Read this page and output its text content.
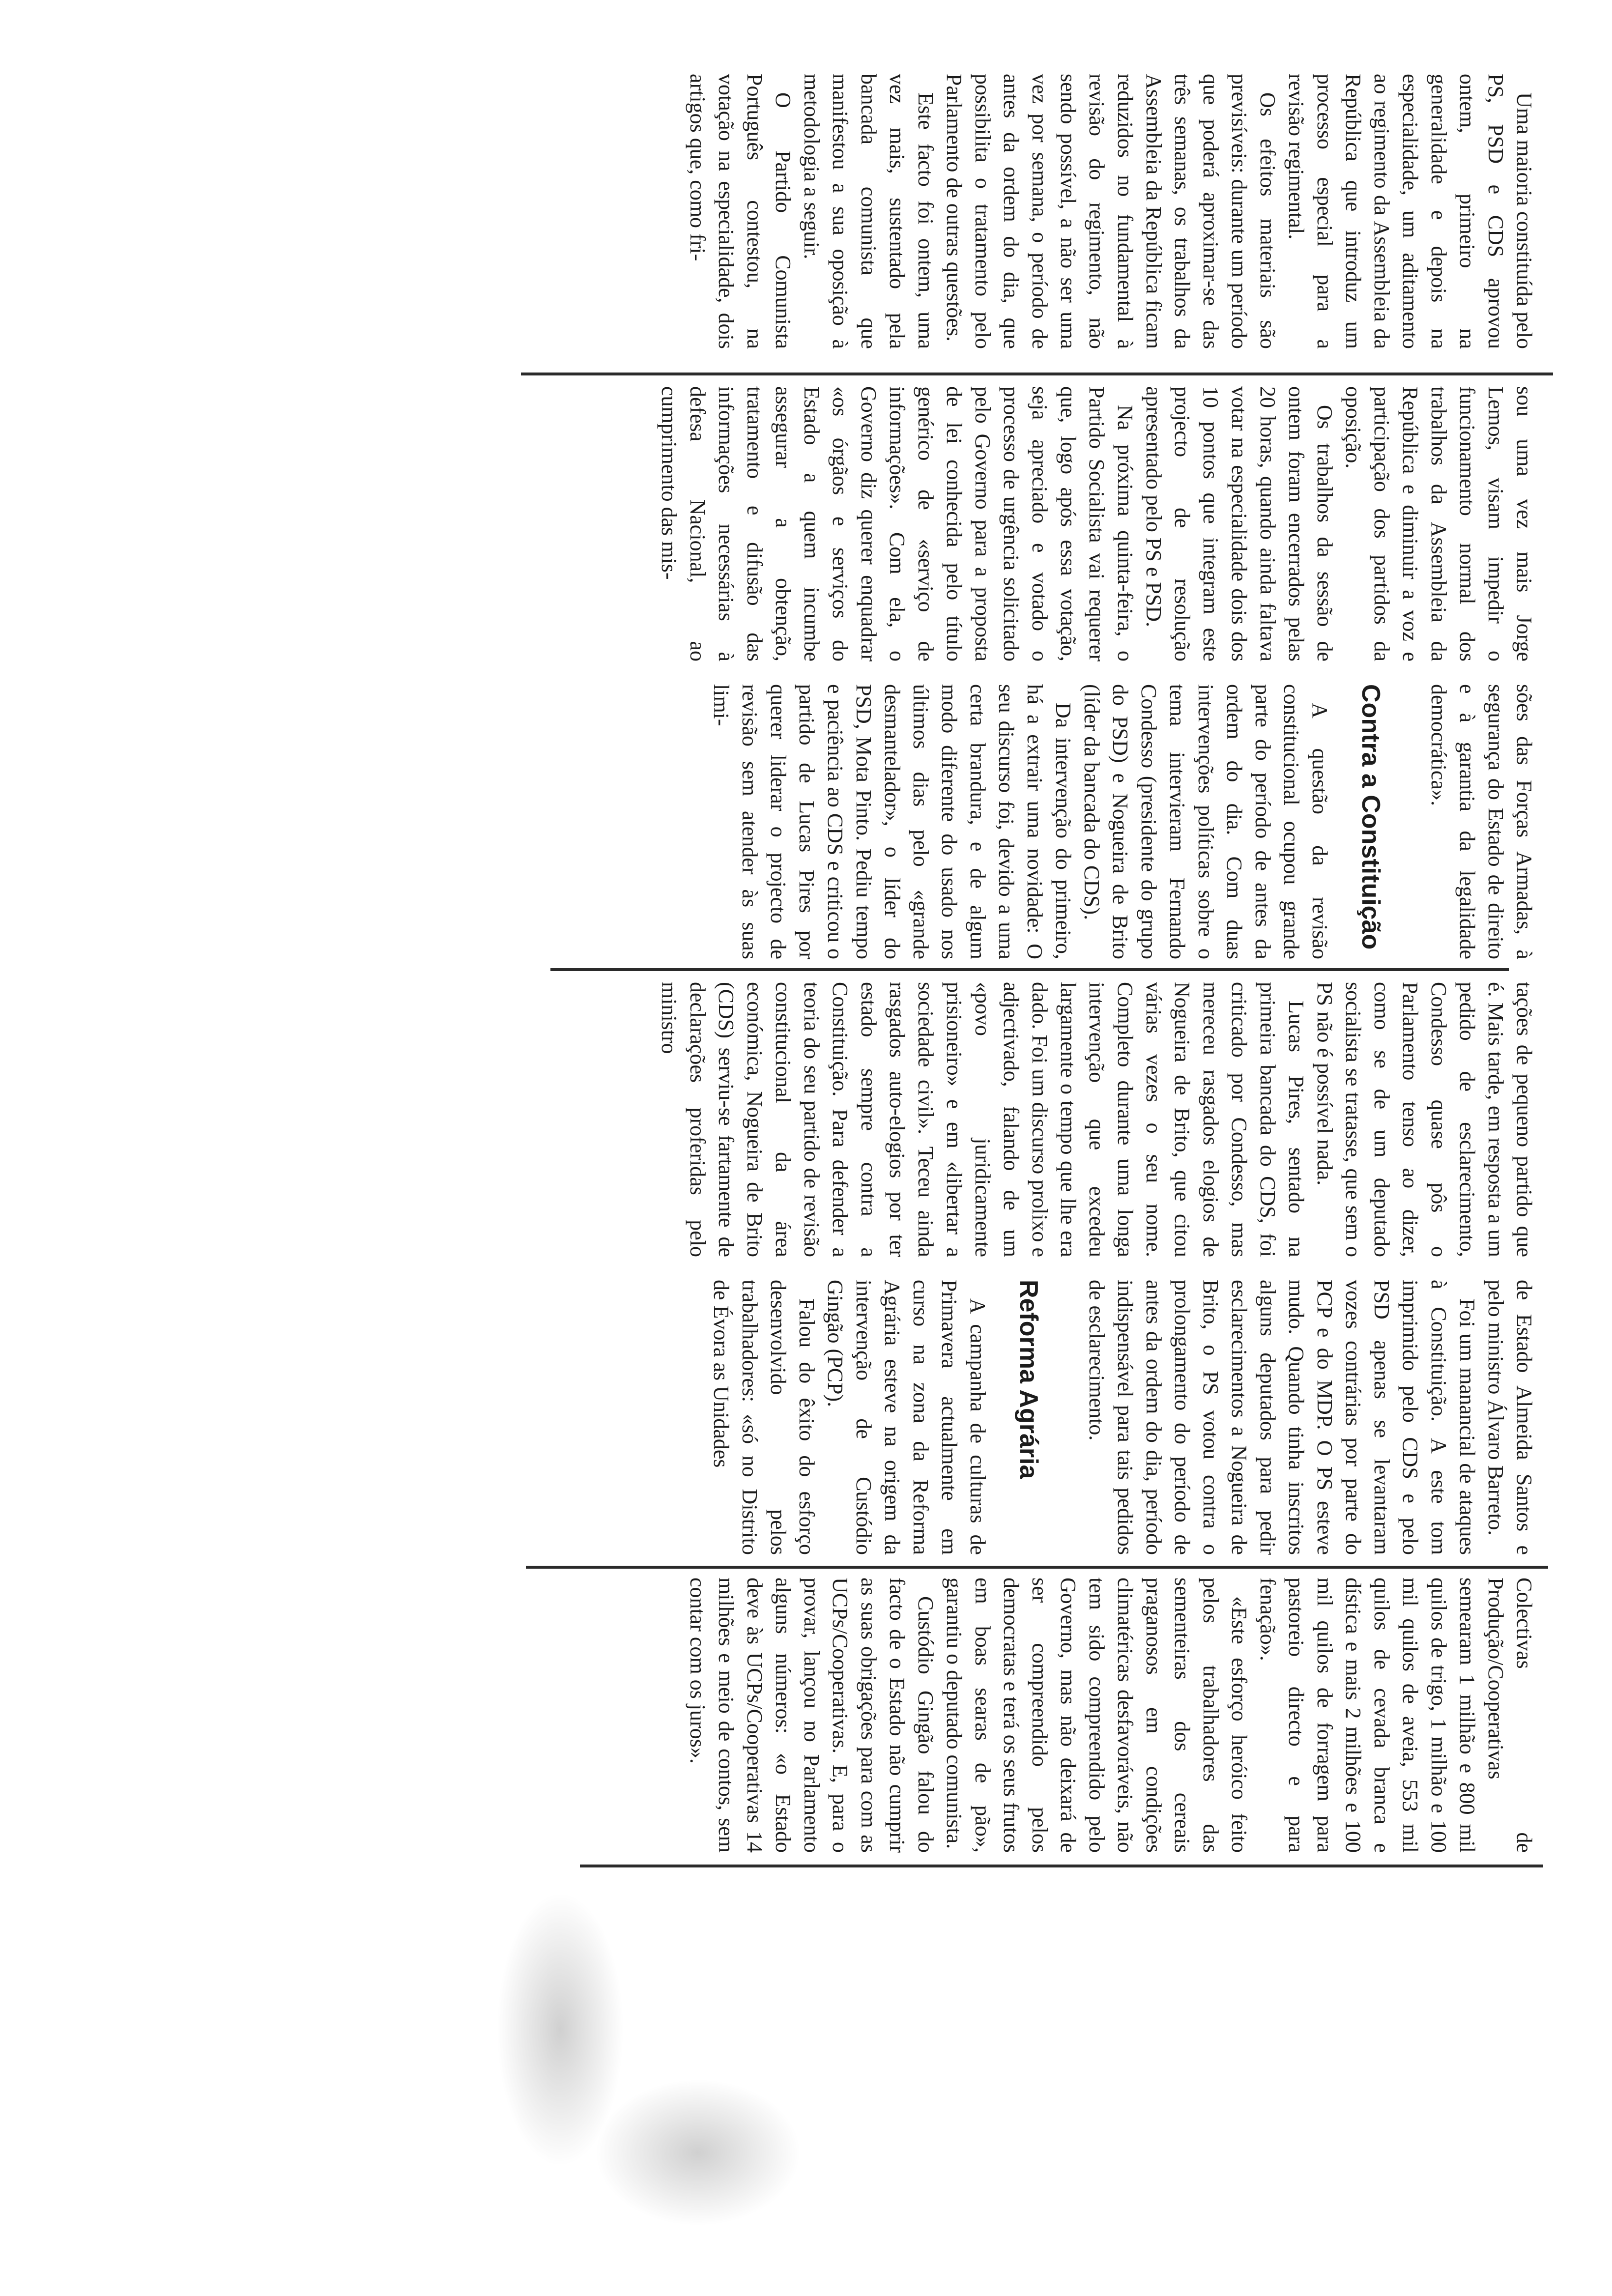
Uma maioria constituída pelo PS, PSD e CDS aprovou ontem, primeiro na generalidade e depois na especialidade, um aditamento ao regimento da Assembleia da República que introduz um processo especial para a revisão regimental.

Os efeitos materiais são previsíveis: durante um período que poderá aproximar-se das três semanas, os trabalhos da Assembleia da República ficam reduzidos no fundamental à revisão do regimento, não sendo possível, a não ser uma vez por semana, o período de antes da ordem do dia, que possibilita o tratamento pelo Parlamento de outras questões.

Este facto foi ontem, uma vez mais, sustentado pela bancada comunista que manifestou a sua oposição à metodologia a seguir.

O Partido Comunista Português contestou, na votação na especialidade, dois artigos que, como fri-

sou uma vez mais Jorge Lemos, visam impedir o funcionamento normal dos trabalhos da Assembleia da República e diminuir a voz e participação dos partidos da oposição.

Os trabalhos da sessão de ontem foram encerrados pelas 20 horas, quando ainda faltava votar na especialidade dois dos 10 pontos que integram este projecto de resolução apresentado pelo PS e PSD.

Na próxima quinta-feira, o Partido Socialista vai requerer que, logo após essa votação, seja apreciado e votado o processo de urgência solicitado pelo Governo para a proposta de lei conhecida pelo título genérico de «serviço de informações». Com ela, o Governo diz querer enquadrar «os órgãos e serviços do Estado a quem incumbe assegurar a obtenção, tratamento e difusão das informações necessárias à defesa Nacional, ao cumprimento das mis-

sões das Forças Armadas, à segurança do Estado de direito e à garantia da legalidade democrática».

Contra a Constituição

A questão da revisão constitucional ocupou grande parte do período de antes da ordem do dia. Com duas intervenções políticas sobre o tema intervieram Fernando Condesso (presidente do grupo do PSD) e Nogueira de Brito (líder da bancada do CDS).

Da intervenção do primeiro, há a extrair uma novidade: O seu discurso foi, devido a uma certa brandura, e de algum modo diferente do usado nos últimos dias pelo «grande desmantelador», o líder do PSD, Mota Pinto. Pediu tempo e paciência ao CDS e criticou o partido de Lucas Pires por querer liderar o projecto de revisão sem atender às suas limi-

tações de pequeno partido que é. Mais tarde, em resposta a um pedido de esclarecimento, Condesso quase pôs o Parlamento tenso ao dizer, como se de um deputado socialista se tratasse, que sem o PS não é possível nada.

Lucas Pires, sentado na primeira bancada do CDS, foi criticado por Condesso, mas mereceu rasgados elogios de Nogueira de Brito, que citou várias vezes o seu nome. Completo durante uma longa intervenção que excedeu largamente o tempo que lhe era dado. Foi um discurso prolixo e adjectivado, falando de um «povo juridicamente prisioneiro» e em «libertar a sociedade civil». Teceu ainda rasgados auto-elogios por ter estado sempre contra a Constituição. Para defender a teoria do seu partido de revisão constitucional da área económica, Nogueira de Brito (CDS) serviu-se fartamente de declarações proferidas pelo ministro

de Estado Almeida Santos e pelo ministro Álvaro Barreto.

Foi um manancial de ataques à Constituição. A este tom imprimido pelo CDS e pelo PSD apenas se levantaram vozes contrárias por parte do PCP e do MDP. O PS esteve mudo. Quando tinha inscritos alguns deputados para pedir esclarecimentos a Nogueira de Brito, o PS votou contra o prolongamento do período de antes da ordem do dia, período indispensável para tais pedidos de esclarecimento.

Reforma Agrária

A campanha de culturas de Primavera actualmente em curso na zona da Reforma Agrária esteve na origem da intervenção de Custódio Gingão (PCP).

Falou do êxito do esforço desenvolvido pelos trabalhadores: «só no Distrito de Évora as Unidades

Colectivas de Produção/Cooperativas semearam 1 milhão e 800 mil quilos de trigo, 1 milhão e 100 mil quilos de aveia, 553 mil quilos de cevada branca e dística e mais 2 milhões e 100 mil quilos de forragem para pastoreio directo e para fenação».

«Este esforço heróico feito pelos trabalhadores das sementeiras dos cereais praganosos em condições climatéricas desfavoráveis, não tem sido compreendido pelo Governo, mas não deixará de ser compreendido pelos democratas e terá os seus frutos em boas searas de pão», garantiu o deputado comunista.

Custódio Gingão falou do facto de o Estado não cumprir as suas obrigações para com as UCPs/Cooperativas. E, para o provar, lançou no Parlamento alguns números: «o Estado deve às UCPs/Cooperativas 14 milhões e meio de contos, sem contar com os juros».
